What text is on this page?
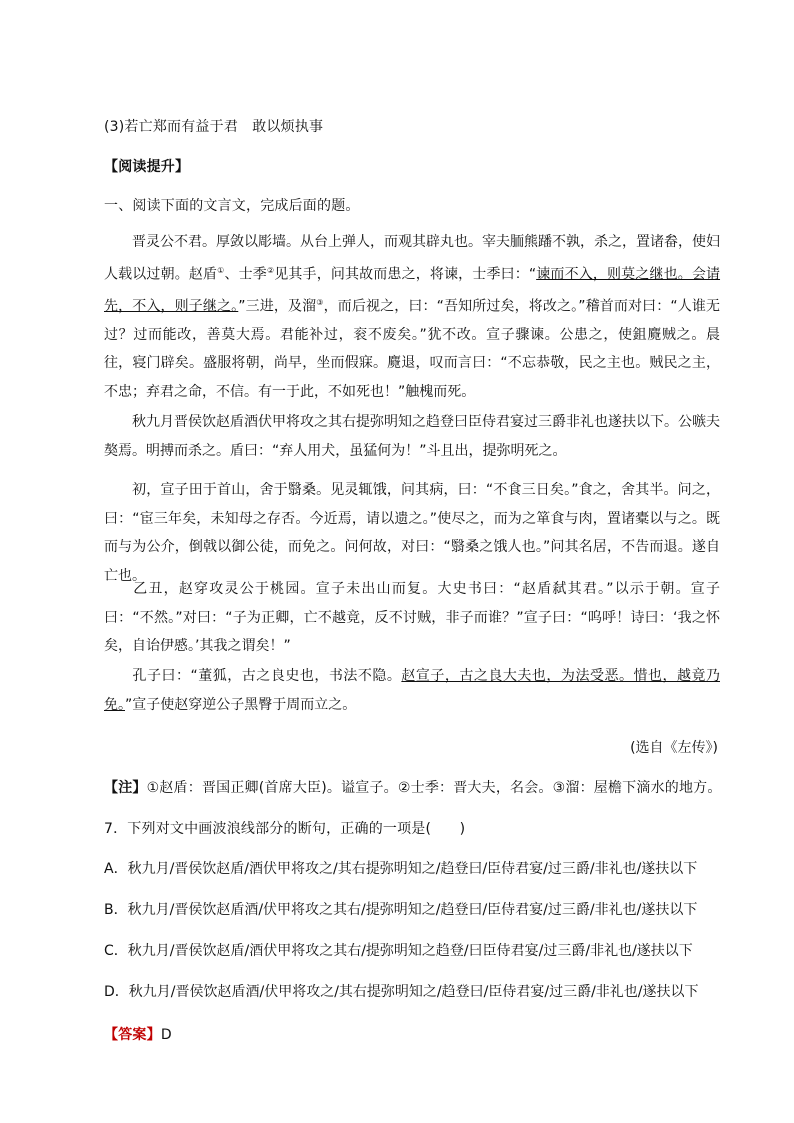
(3)若亡郑而有益于君　敢以烦执事
【阅读提升】
一、阅读下面的文言文，完成后面的题。
晋灵公不君。厚敛以彫墙。从台上弹人，而观其辟丸也。宰夫胹熊蹯不孰，杀之，置诸畚，使妇人载以过朝。赵盾①、士季②见其手，问其故而患之，将谏，士季曰：“谏而不入，则莫之继也。会请先，不入，则子继之。”三进，及溜③，而后视之，曰：“吾知所过矣，将改之。”稽首而对曰：“人谁无过？过而能改，善莫大焉。君能补过，衮不废矣。”犹不改。宣子骤谏。公患之，使鉏麑贼之。晨往，寝门辟矣。盛服将朝，尚早，坐而假寐。麑退，叹而言曰：“不忘恭敬，民之主也。贼民之主，不忠；弃君之命，不信。有一于此，不如死也！”触槐而死。
秋九月晋侯饮赵盾酒伏甲将攻之其右提弥明知之趋登曰臣侍君宴过三爵非礼也遂扶以下。公嗾夫獒焉。明搏而杀之。盾曰：“弃人用犬，虽猛何为！”斗且出，提弥明死之。
初，宣子田于首山，舍于翳桑。见灵辄饿，问其病，曰：“不食三日矣。”食之，舍其半。问之，曰：“宦三年矣，未知母之存否。今近焉，请以遗之。”使尽之，而为之箪食与肉，置诸橐以与之。既而与为公介，倒戟以御公徒，而免之。问何故，对曰：“翳桑之饿人也。”问其名居，不告而退。遂自亡也。
乙丑，赵穿攻灵公于桃园。宣子未出山而复。大史书曰：“赵盾弑其君。”以示于朝。宣子曰：“不然。”对曰：“子为正卿，亡不越竟，反不讨贼，非子而谁？”宣子曰：“呜呼！诗曰：‘我之怀矣，自诒伊慼。’其我之谓矣！”
孔子曰：“董狐，古之良史也，书法不隐。赵宣子，古之良大夫也，为法受恶。惜也，越竟乃免。”宣子使赵穿逆公子黑臀于周而立之。
(选自《左传》)
【注】①赵盾：晋国正卿(首席大臣)。谥宣子。②士季：晋大夫，名会。③溜：屋檐下滴水的地方。
7．下列对文中画波浪线部分的断句，正确的一项是(　　)
A．秋九月/晋侯饮赵盾/酒伏甲将攻之/其右提弥明知之/趋登曰/臣侍君宴/过三爵/非礼也/遂扶以下
B．秋九月/晋侯饮赵盾酒/伏甲将攻之其右/提弥明知之/趋登曰/臣侍君宴/过三爵/非礼也/遂扶以下
C．秋九月/晋侯饮赵盾/酒伏甲将攻之其右/提弥明知之趋登/曰臣侍君宴/过三爵/非礼也/遂扶以下
D．秋九月/晋侯饮赵盾酒/伏甲将攻之/其右提弥明知之/趋登曰/臣侍君宴/过三爵/非礼也/遂扶以下
【答案】D
